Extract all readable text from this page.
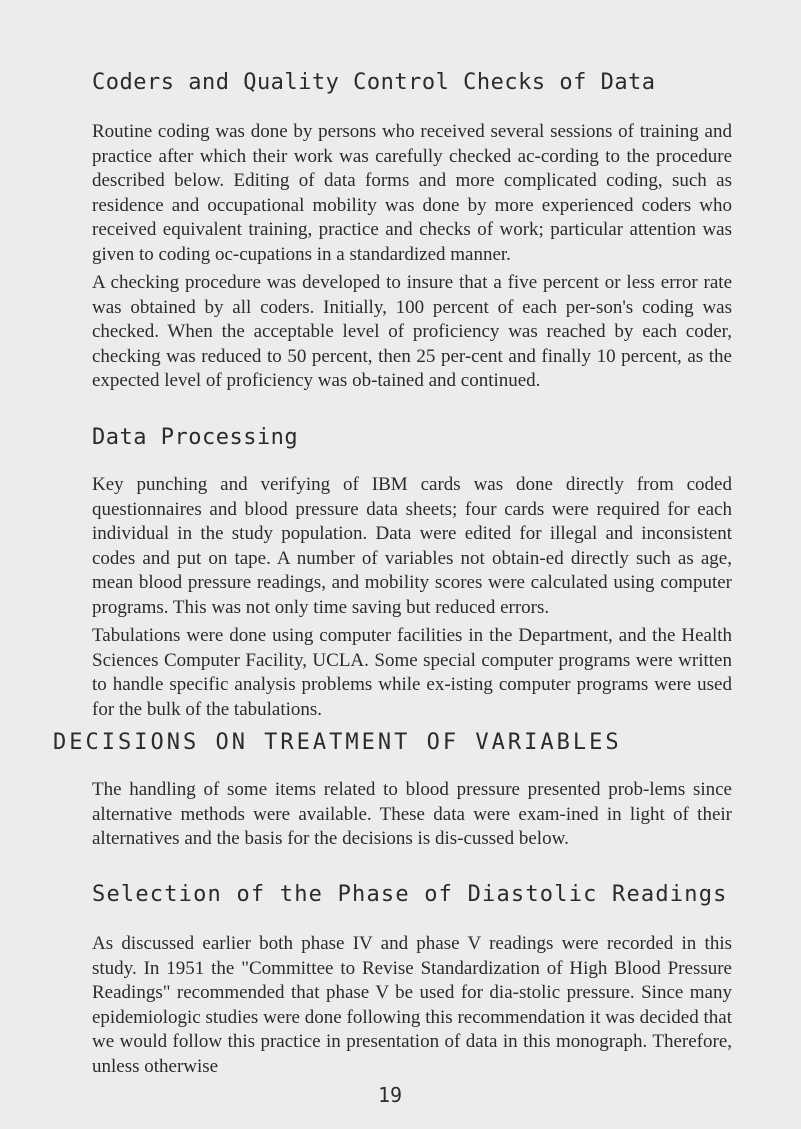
Coders and Quality Control Checks of Data
Routine coding was done by persons who received several sessions of training and practice after which their work was carefully checked ac-cording to the procedure described below. Editing of data forms and more complicated coding, such as residence and occupational mobility was done by more experienced coders who received equivalent training, practice and checks of work; particular attention was given to coding oc-cupations in a standardized manner.
A checking procedure was developed to insure that a five percent or less error rate was obtained by all coders. Initially, 100 percent of each per-son's coding was checked. When the acceptable level of proficiency was reached by each coder, checking was reduced to 50 percent, then 25 per-cent and finally 10 percent, as the expected level of proficiency was ob-tained and continued.
Data Processing
Key punching and verifying of IBM cards was done directly from coded questionnaires and blood pressure data sheets; four cards were required for each individual in the study population. Data were edited for illegal and inconsistent codes and put on tape. A number of variables not obtain-ed directly such as age, mean blood pressure readings, and mobility scores were calculated using computer programs. This was not only time saving but reduced errors.
Tabulations were done using computer facilities in the Department, and the Health Sciences Computer Facility, UCLA. Some special computer programs were written to handle specific analysis problems while ex-isting computer programs were used for the bulk of the tabulations.
DECISIONS ON TREATMENT OF VARIABLES
The handling of some items related to blood pressure presented prob-lems since alternative methods were available. These data were exam-ined in light of their alternatives and the basis for the decisions is dis-cussed below.
Selection of the Phase of Diastolic Readings
As discussed earlier both phase IV and phase V readings were recorded in this study. In 1951 the "Committee to Revise Standardization of High Blood Pressure Readings" recommended that phase V be used for dia-stolic pressure. Since many epidemiologic studies were done following this recommendation it was decided that we would follow this practice in presentation of data in this monograph. Therefore, unless otherwise
19
